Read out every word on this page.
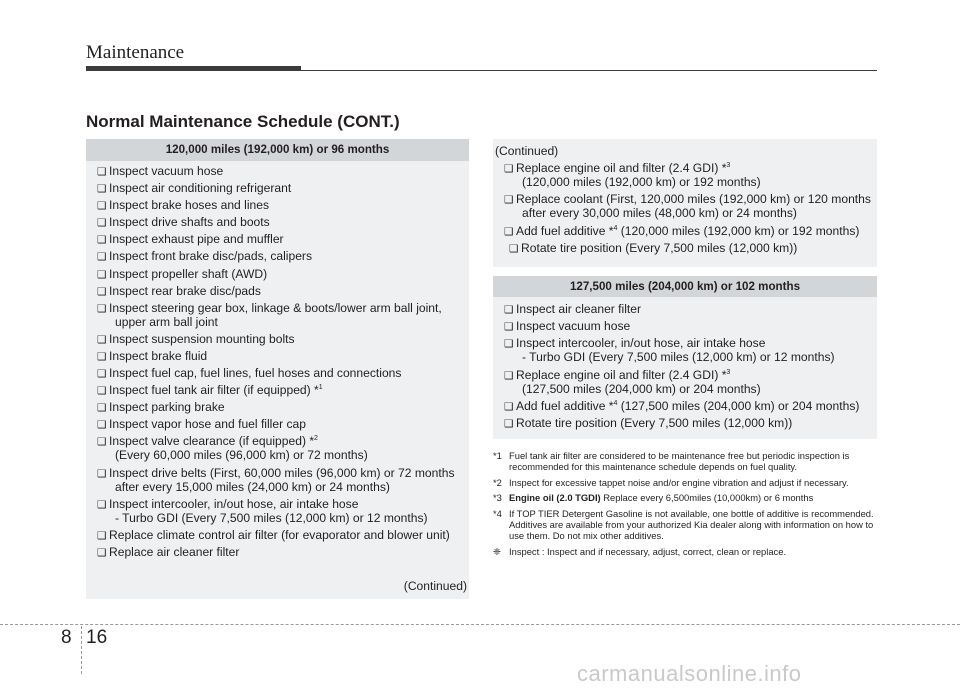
Maintenance
Normal Maintenance Schedule (CONT.)
120,000 miles (192,000 km) or 96 months
❑ Inspect vacuum hose
❑ Inspect air conditioning refrigerant
❑ Inspect brake hoses and lines
❑ Inspect drive shafts and boots
❑ Inspect exhaust pipe and muffler
❑ Inspect front brake disc/pads, calipers
❑ Inspect propeller shaft (AWD)
❑ Inspect rear brake disc/pads
❑ Inspect steering gear box, linkage & boots/lower arm ball joint,
upper arm ball joint
❑ Inspect suspension mounting bolts
❑ Inspect brake fluid
❑ Inspect fuel cap, fuel lines, fuel hoses and connections
❑ Inspect fuel tank air filter (if equipped) *$^1$
❑ Inspect parking brake
❑ Inspect vapor hose and fuel filler cap
❑ Inspect valve clearance (if equipped) *$^2$
(Every 60,000 miles (96,000 km) or 72 months)
❑ Inspect drive belts (First, 60,000 miles (96,000 km) or 72 months
after every 15,000 miles (24,000 km) or 24 months)
❑ Inspect intercooler, in/out hose, air intake hose
- Turbo GDI (Every 7,500 miles (12,000 km) or 12 months)
❑ Replace climate control air filter (for evaporator and blower unit)
❑ Replace air cleaner filter
(Continued)
(Continued)
❑ Replace engine oil and filter (2.4 GDI) *$^3$
(120,000 miles (192,000 km) or 192 months)
❑ Replace coolant (First, 120,000 miles (192,000 km) or 120 months
after every 30,000 miles (48,000 km) or 24 months)
❑ Add fuel additive *$^4$ (120,000 miles (192,000 km) or 192 months)
❑ Rotate tire position (Every 7,500 miles (12,000 km))
127,500 miles (204,000 km) or 102 months
❑ Inspect air cleaner filter
❑ Inspect vacuum hose
❑ Inspect intercooler, in/out hose, air intake hose
- Turbo GDI (Every 7,500 miles (12,000 km) or 12 months)
❑ Replace engine oil and filter (2.4 GDI) *$^3$
(127,500 miles (204,000 km) or 204 months)
❑ Add fuel additive *$^4$ (127,500 miles (204,000 km) or 204 months)
❑ Rotate tire position (Every 7,500 miles (12,000 km))
*1 Fuel tank air filter are considered to be maintenance free but periodic inspection is recommended for this maintenance schedule depends on fuel quality.
*2 Inspect for excessive tappet noise and/or engine vibration and adjust if necessary.
*3 Engine oil (2.0 TGDI) Replace every 6,500miles (10,000km) or 6 months
*4 If TOP TIER Detergent Gasoline is not available, one bottle of additive is recommended. Additives are available from your authorized Kia dealer along with information on how to use them. Do not mix other additives.
❈ Inspect : Inspect and if necessary, adjust, correct, clean or replace.
8 16
carmanualsonline.info
